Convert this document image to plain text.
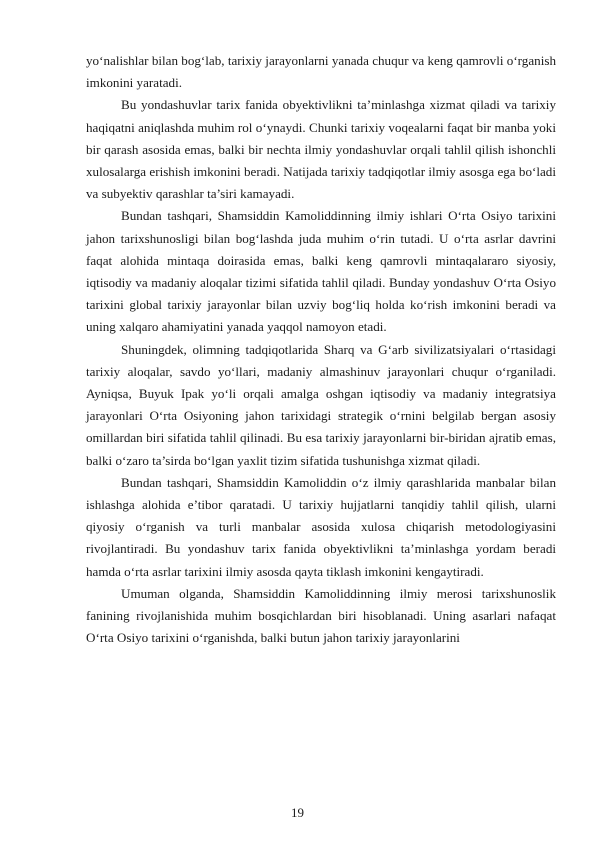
yo‘nalishlar bilan bog‘lab, tarixiy jarayonlarni yanada chuqur va keng qamrovli o‘rganish imkonini yaratadi.

Bu yondashuvlar tarix fanida obyektivlikni ta’minlashga xizmat qiladi va tarixiy haqiqatni aniqlashda muhim rol o‘ynaydi. Chunki tarixiy voqealarni faqat bir manba yoki bir qarash asosida emas, balki bir nechta ilmiy yondashuvlar orqali tahlil qilish ishonchli xulosalarga erishish imkonini beradi. Natijada tarixiy tadqiqotlar ilmiy asosga ega bo‘ladi va subyektiv qarashlar ta’siri kamayadi.

Bundan tashqari, Shamsiddin Kamoliddinning ilmiy ishlari O‘rta Osiyo tarixini jahon tarixshunosligi bilan bog‘lashda juda muhim o‘rin tutadi. U o‘rta asrlar davrini faqat alohida mintaqa doirasida emas, balki keng qamrovli mintaqalararo siyosiy, iqtisodiy va madaniy aloqalar tizimi sifatida tahlil qiladi. Bunday yondashuv O‘rta Osiyo tarixini global tarixiy jarayonlar bilan uzviy bog‘liq holda ko‘rish imkonini beradi va uning xalqaro ahamiyatini yanada yaqqol namoyon etadi.

Shuningdek, olimning tadqiqotlarida Sharq va G‘arb sivilizatsiyalari o‘rtasidagi tarixiy aloqalar, savdo yo‘llari, madaniy almashinuv jarayonlari chuqur o‘rganiladi. Ayniqsa, Buyuk Ipak yo‘li orqali amalga oshgan iqtisodiy va madaniy integratsiya jarayonlari O‘rta Osiyoning jahon tarixidagi strategik o‘rnini belgilab bergan asosiy omillardan biri sifatida tahlil qilinadi. Bu esa tarixiy jarayonlarni bir-biridan ajratib emas, balki o‘zaro ta’sirda bo‘lgan yaxlit tizim sifatida tushunishga xizmat qiladi.

Bundan tashqari, Shamsiddin Kamoliddin o‘z ilmiy qarashlarida manbalar bilan ishlashga alohida e’tibor qaratadi. U tarixiy hujjatlarni tanqidiy tahlil qilish, ularni qiyosiy o‘rganish va turli manbalar asosida xulosa chiqarish metodologiyasini rivojlantiradi. Bu yondashuv tarix fanida obyektivlikni ta’minlashga yordam beradi hamda o‘rta asrlar tarixini ilmiy asosda qayta tiklash imkonini kengaytiradi.

Umuman olganda, Shamsiddin Kamoliddinning ilmiy merosi tarixshunoslik fanining rivojlanishida muhim bosqichlardan biri hisoblanadi. Uning asarlari nafaqat O‘rta Osiyo tarixini o‘rganishda, balki butun jahon tarixiy jarayonlarini

19
